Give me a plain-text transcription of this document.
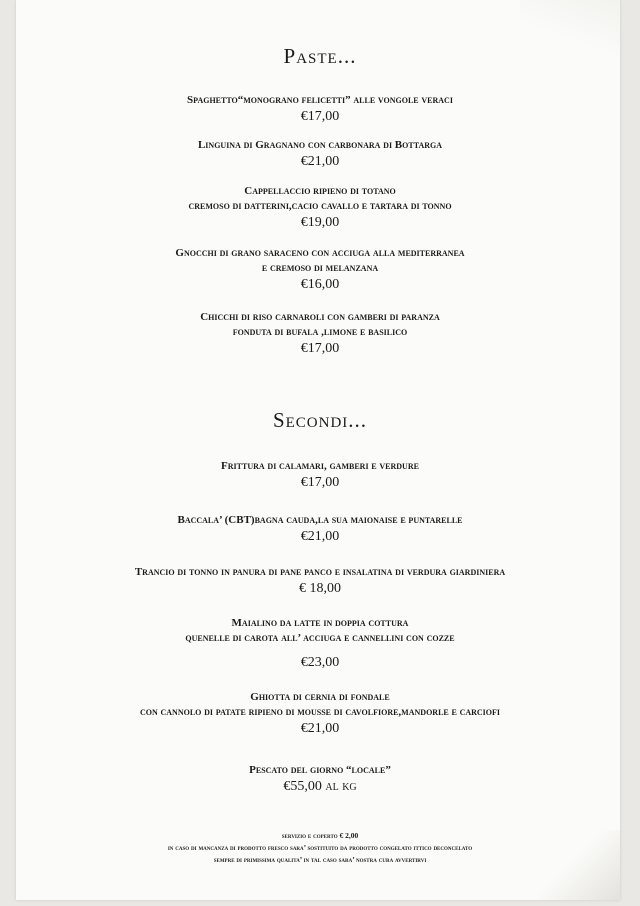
Paste...
Spaghetto“monograno felicetti” alle vongole veraci
€17,00
Linguina di Gragnano con carbonara di Bottarga
€21,00
Cappellaccio ripieno di totano
cremoso di datterini,cacio cavallo e tartara di tonno
€19,00
Gnocchi di grano saraceno con acciuga alla mediterranea
e cremoso di melanzana
€16,00
Chicchi di riso carnaroli con gamberi di paranza
fonduta di bufala ,limone e basilico
€17,00
Secondi...
Frittura di calamari, gamberi e verdure
€17,00
Baccala’ (CBT)bagna cauda,la sua maionaise e puntarelle
€21,00
Trancio di tonno in panura di pane panco e insalatina di verdura giardiniera
€ 18,00
Maialino da latte in doppia cottura
quenelle di carota all’ acciuga e cannellini con cozze
€23,00
Ghiotta di cernia di fondale
con cannolo di patate ripieno di mousse di cavolfiore,mandorle e carciofi
€21,00
Pescato del giorno “locale”
€55,00 al kg
servizio e coperto € 2,00
in caso di mancanza di prodotto fresco sara’ sostituito da prodotto congelato ittico deconcelato
sempre di primissima qualita’ in tal caso sara’ nostra cura avvertirvi
